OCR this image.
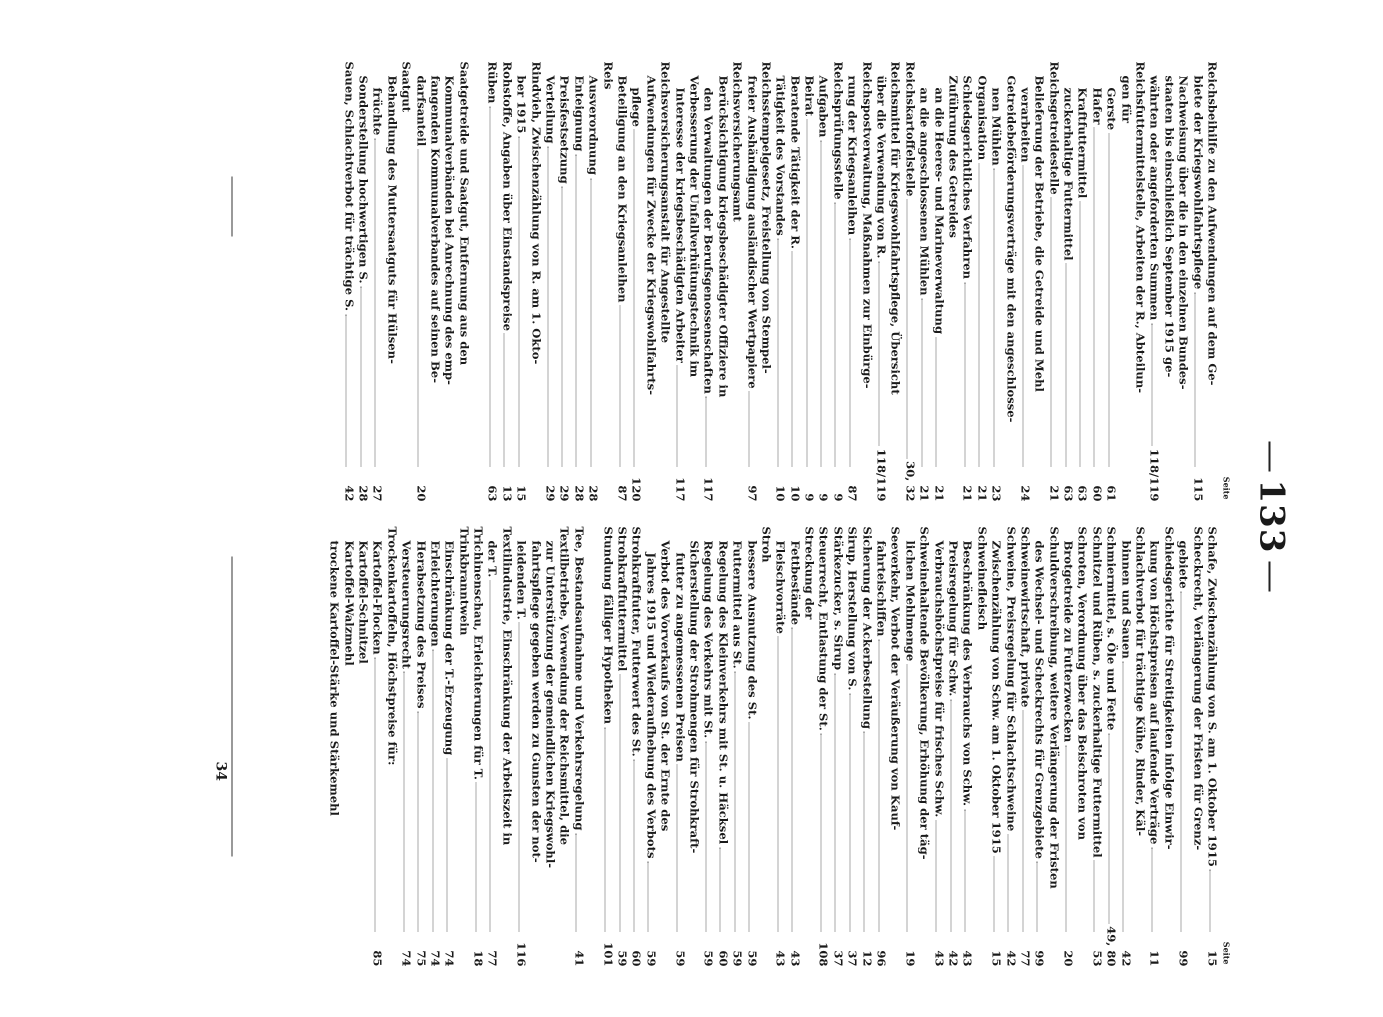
133
Seite
Reichsbeihilfe zu den Aufwendungen auf dem Ge-
biete der Kriegswohlfahrtspflege
115
Nachweisung über die in den einzelnen Bundes-
staaten bis einschließlich September 1915 ge-
währten oder angeforderten Summen
118/119
Reichsfuttermittelstelle, Arbeiten der R., Abteilun-
gen für
Gerste
61
Hafer
60
Kraftfuttermittel
63
zuckerhaltige Futtermittel
63
Reichsgetreidestelle
21
Belieferung der Betriebe, die Getreide und Mehl
verarbeiten
24
Getreidebeförderungsverträge mit den angeschlosse-
nen Mühlen
23
Organisation
21
Schiedsgerichtliches Verfahren
21
Zuführung des Getreides
an die Heeres- und Marineverwaltung
21
an die angeschlossenen Mühlen
21
Reichskartoffelstelle
30, 32
Reichsmittel für Kriegswohlfahrtspflege, Übersicht
über die Verwendung von R.
118/119
Reichspostverwaltung, Maßnahmen zur Einbürge-
rung der Kriegsanleihen
87
Reichsprüfungsstelle
9
Aufgaben
9
Beirat
9
Beratende Tätigkeit der R.
10
Tätigkeit des Vorstandes
10
Reichsstempelgesetz, Freistellung von Stempel-
freier Aushändigung ausländischer Wertpapiere
97
Reichsversicherungsamt
Berücksichtigung kriegsbeschädigter Offiziere in
den Verwaltungen der Berufsgenossenschaften
117
Verbesserung der Unfallverhütungstechnik im
Interesse der kriegsbeschädigten Arbeiter
117
Reichsversicherungsanstalt für Angestellte
Aufwendungen für Zwecke der Kriegswohlfahrts-
pflege
120
Beteiligung an den Kriegsanleihen
87
Reis
Ausverordnung
28
Enteignung
28
Preisfestsetzung
29
Verteilung
29
Rindvieh, Zwischenzählung von R. am 1. Okto-
ber 1915
15
Rohstoffe, Angaben über Einstandspreise
13
Rüben
63
Saatgetreide und Saatgut, Entfernung aus den
Kommunalverbänden bei Anrechnung des emp-
fangenden Kommunalverbandes auf seinen Be-
darfsanteil
20
Saatgut
Behandlung des Muttersaatguts für Hülsen-
früchte
27
Sonderstellung hochwertigen S.
28
Sauen, Schlachtverbot für trächtige S.
42
Seite
Schafe, Zwischenzählung von S. am 1. Oktober 1915
15
Scheckrecht, Verlängerung der Fristen für Grenz-
gebiete
99
Schiedsgerichte für Streitigkeiten infolge Einwir-
kung von Höchstpreisen auf laufende Verträge
11
Schlachtverbot für trächtige Kühe, Rinder, Käl-
binnen und Sauen
42
Schmiermittel, s. Öle und Fette
49, 80
Schnitzel und Rüben, s. zuckerhaltige Futtermittel
53
Schroten, Verordnung über das Beischroten von
Brotgetreide zu Futterzwecken
20
Schuldverschreibung, weitere Verlängerung der Fristen
des Wechsel- und Scheckrechts für Grenzgebiete
99
Schweinewirtschaft, private
77
Schweine, Preisregelung für Schlachtschweine
42
Zwischenzählung von Schw. am 1. Oktober 1915
15
Schweinefleisch
Beschränkung des Verbrauchs von Schw.
43
Preisregelung für Schw.
42
Verbrauchshöchstpreise für frisches Schw.
43
Schweinehaltende Bevölkerung, Erhöhung der täg-
lichen Mehlmenge
19
Seeverkehr, Verbot der Veräußerung von Kauf-
fahrteischiffen
96
Sicherung der Ackerbestellung
12
Sirup, Herstellung von S.
37
Stärkezucker, s. Sirup
37
Steuerrecht, Entlastung der St.
108
Streckung der
Fettbestände
43
Fleischvorräte
43
Stroh
bessere Ausnutzung des St.
59
Futtermittel aus St.
59
Regelung des Kleinverkehrs mit St. u. Häcksel
60
Regelung des Verkehrs mit St.
59
Sicherstellung der Strohmengen für Strohkraft-
futter zu angemessenen Preisen
59
Verbot des Vorverkaufs von St. der Ernte des
Jahres 1915 und Wiederaufhebung des Verbots
59
Strohkraftfutter, Futterwert des St.
60
Strohkraftfuttermittel
59
Stundung fälliger Hypotheken
101
Tee, Bestandsaufnahme und Verkehrsregelung
41
Textilbetriebe, Verwendung der Reichsmittel, die
zur Unterstützung der gemeindlichen Kriegswohl-
fahrtspflege gegeben werden zu Gunsten der not-
leidenden T.
116
Textilindustrie, Einschränkung der Arbeitszeit in
der T.
77
Trichinenschau, Erleichterungen für T.
18
Trinkbranntwein
Einschränkung der T.-Erzeugung
74
Erleichterungen
74
Herabsetzung des Preises
75
Versteuerungsrecht
74
Trockenkartoffeln, Höchstpreise für:
Kartoffel-Flocken
85
Kartoffel-Schnitzel
Kartoffel-Walzmehl
trockene Kartoffel-Stärke und Stärkemehl
34
